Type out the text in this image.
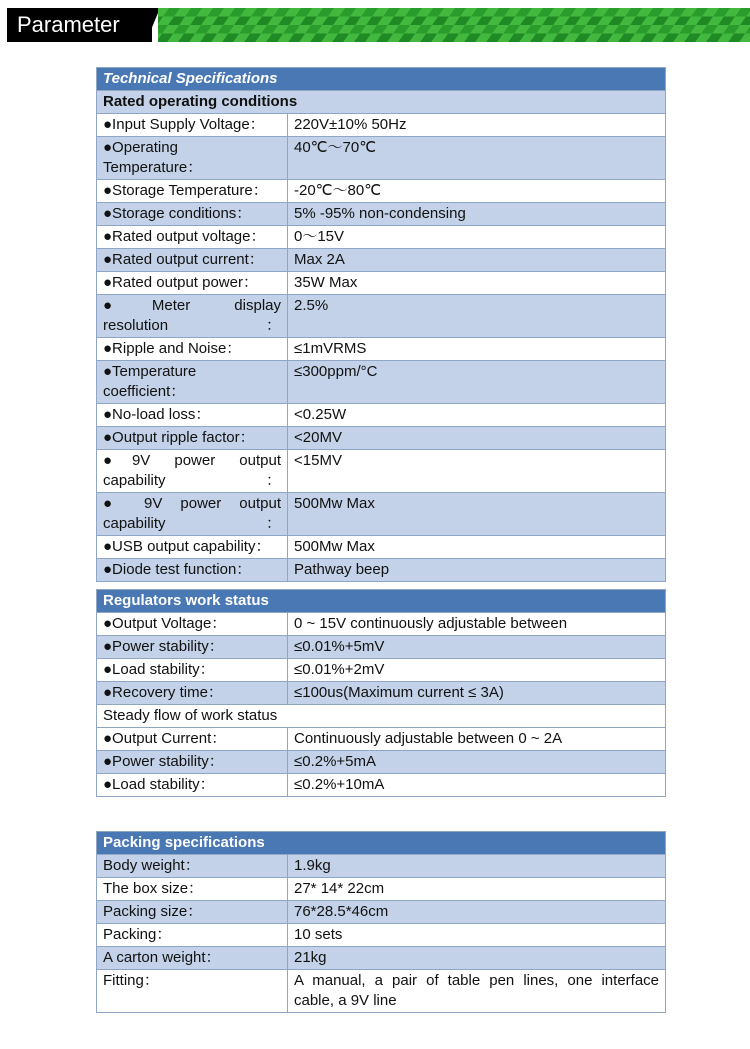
Parameter
Technical Specifications	
Rated operating conditions	
●Input Supply Voltage：	220V±10% 50Hz
●Operating Temperature：	40℃～70℃
●Storage Temperature：	-20℃～80℃
●Storage conditions：	5% -95% non-condensing
●Rated output voltage：	0～15V
●Rated output current：	Max 2A
●Rated output power：	35W Max
●Meter display resolution：	2.5%
●Ripple and Noise：	≤1mVRMS
●Temperature coefficient：	≤300ppm/°C
●No-load loss：	<0.25W
●Output ripple factor：	<20MV
●9V power output capability：	<15MV
● 9V power output capability：	500Mw Max
●USB output capability：	500Mw Max
●Diode test function：	Pathway beep
Regulators work status	
●Output Voltage：	0 ~ 15V continuously adjustable between
●Power stability：	≤0.01%+5mV
●Load stability：	≤0.01%+2mV
●Recovery time：	≤100us(Maximum current ≤ 3A)
Steady flow of work status	
●Output Current：	Continuously adjustable between 0 ~ 2A
●Power stability：	≤0.2%+5mA
●Load stability：	≤0.2%+10mA
Packing specifications	
Body weight：	1.9kg
The box size：	27* 14* 22cm
Packing size：	76*28.5*46cm
Packing：	10 sets
A carton weight：	21kg
Fitting：	A manual, a pair of table pen lines, one interface cable, a 9V line
